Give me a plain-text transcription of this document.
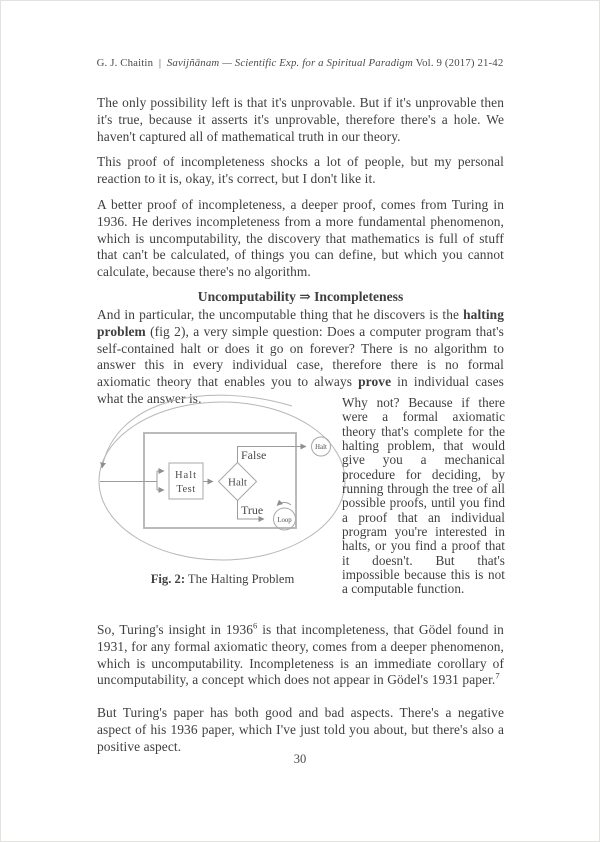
G. J. Chaitin  |  Savijñānam — Scientific Exp. for a Spiritual Paradigm Vol. 9 (2017) 21-42
The only possibility left is that it's unprovable. But if it's unprovable then it's true, because it asserts it's unprovable, therefore there's a hole. We haven't captured all of mathematical truth in our theory.
This proof of incompleteness shocks a lot of people, but my personal reaction to it is, okay, it's correct, but I don't like it.
A better proof of incompleteness, a deeper proof, comes from Turing in 1936. He derives incompleteness from a more fundamental phenomenon, which is uncomputability, the discovery that mathematics is full of stuff that can't be calculated, of things you can define, but which you cannot calculate, because there's no algorithm.
Uncomputability ⇒ Incompleteness
And in particular, the uncomputable thing that he discovers is the halting problem (fig 2), a very simple question: Does a computer program that's self-contained halt or does it go on forever? There is no algorithm to answer this in every individual case, therefore there is no formal axiomatic theory that enables you to always prove in individual cases what the answer is.
Halt
Test
Halt
False
Halt
True
Loop
Why not? Because if there were a formal axiomatic theory that's complete for the halting problem, that would give you a mechanical procedure for deciding, by running through the tree of all possible proofs, until you find a proof that an individual program you're interested in halts, or you find a proof that it doesn't. But that's impossible because this is not a computable function.
Fig. 2: The Halting Problem
So, Turing's insight in 1936$^6$ is that incompleteness, that Gödel found in 1931, for any formal axiomatic theory, comes from a deeper phenomenon, which is uncomputability. Incompleteness is an immediate corollary of uncomputability, a concept which does not appear in Gödel's 1931 paper.$^7$
But Turing's paper has both good and bad aspects. There's a negative aspect of his 1936 paper, which I've just told you about, but there's also a positive aspect.
30
